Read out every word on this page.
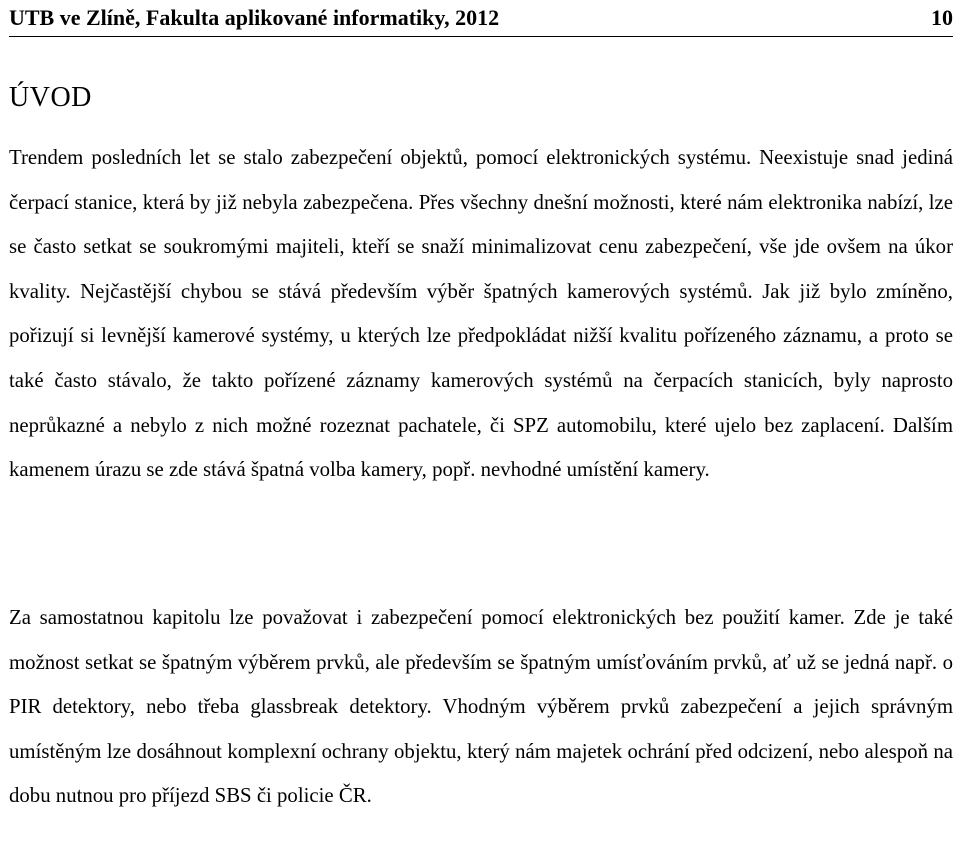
UTB ve Zlíně, Fakulta aplikované informatiky, 2012	10
ÚVOD

Trendem posledních let se stalo zabezpečení objektů, pomocí elektronických systému. Neexistuje snad jediná čerpací stanice, která by již nebyla zabezpečena. Přes všechny dnešní možnosti, které nám elektronika nabízí, lze se často setkat se soukromými majiteli, kteří se snaží minimalizovat cenu zabezpečení, vše jde ovšem na úkor kvality. Nejčastější chybou se stává především výběr špatných kamerových systémů. Jak již bylo zmíněno, pořizují si levnější kamerové systémy, u kterých lze předpokládat nižší kvalitu pořízeného záznamu, a proto se také často stávalo, že takto pořízené záznamy kamerových systémů na čerpacích stanicích, byly naprosto neprůkazné a nebylo z nich možné rozeznat pachatele, či SPZ automobilu, které ujelo bez zaplacení. Dalším kamenem úrazu se zde stává špatná volba kamery, popř. nevhodné umístění kamery.

Za samostatnou kapitolu lze považovat i zabezpečení pomocí elektronických bez použití kamer. Zde je také možnost setkat se špatným výběrem prvků, ale především se špatným umísťováním prvků, ať už se jedná např. o PIR detektory, nebo třeba glassbreak detektory. Vhodným výběrem prvků zabezpečení a jejich správným umístěným lze dosáhnout komplexní ochrany objektu, který nám majetek ochrání před odcizení, nebo alespoň na dobu nutnou pro příjezd SBS či policie ČR.
